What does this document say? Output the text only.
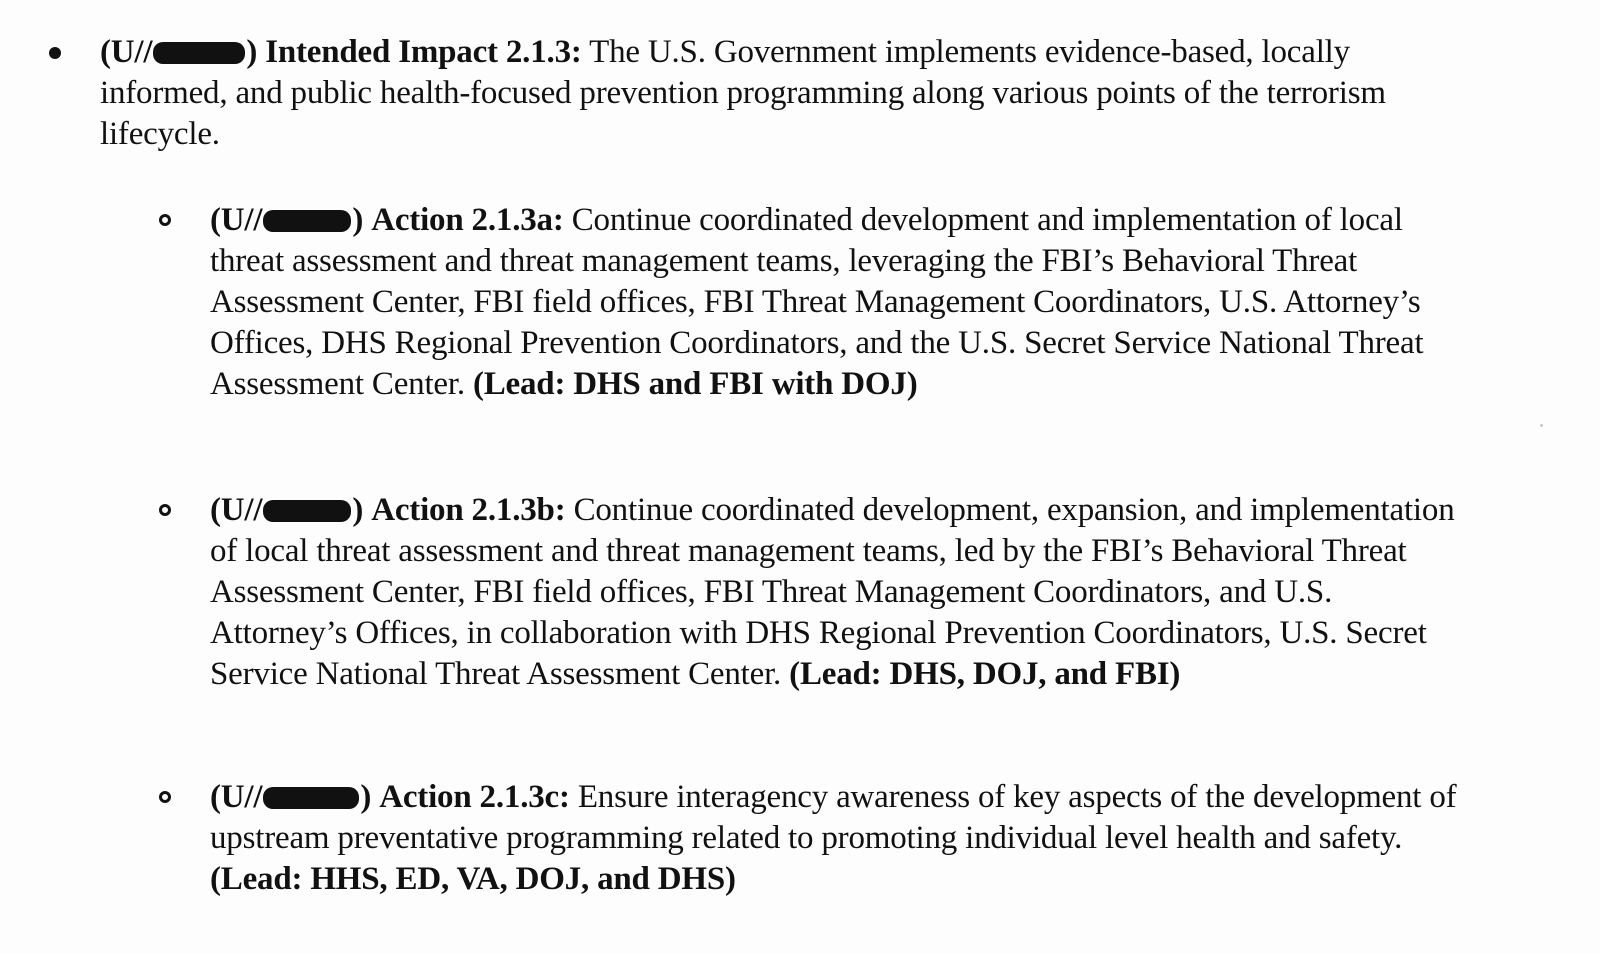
(U//	) Intended Impact 2.1.3: The U.S. Government implements evidence-based, locally informed, and public health-focused prevention programming along various points of the terrorism lifecycle.
(U//	) Action 2.1.3a: Continue coordinated development and implementation of local threat assessment and threat management teams, leveraging the FBI’s Behavioral Threat Assessment Center, FBI field offices, FBI Threat Management Coordinators, U.S. Attorney’s Offices, DHS Regional Prevention Coordinators, and the U.S. Secret Service National Threat Assessment Center. (Lead: DHS and FBI with DOJ)
(U//	) Action 2.1.3b: Continue coordinated development, expansion, and implementation of local threat assessment and threat management teams, led by the FBI’s Behavioral Threat Assessment Center, FBI field offices, FBI Threat Management Coordinators, and U.S. Attorney’s Offices, in collaboration with DHS Regional Prevention Coordinators, U.S. Secret Service National Threat Assessment Center. (Lead: DHS, DOJ, and FBI)
(U//	) Action 2.1.3c: Ensure interagency awareness of key aspects of the development of upstream preventative programming related to promoting individual level health and safety. (Lead: HHS, ED, VA, DOJ, and DHS)
